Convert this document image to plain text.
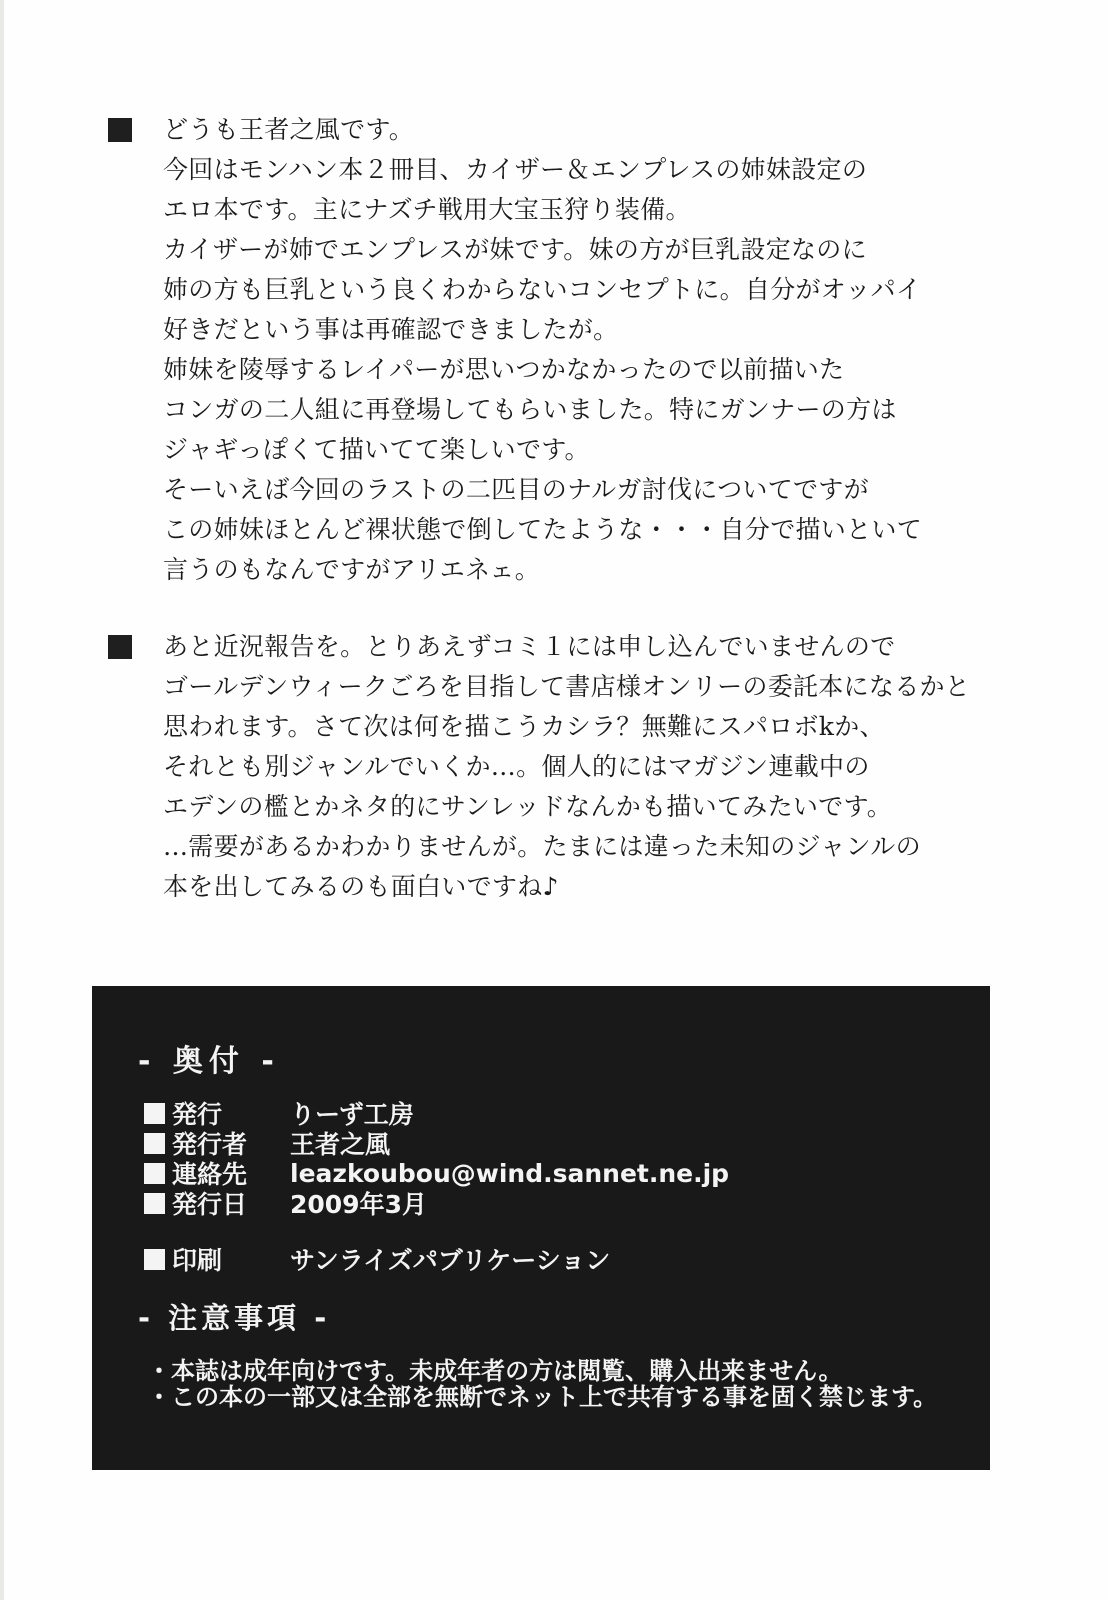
どうも王者之風です。
今回はモンハン本２冊目、カイザー＆エンプレスの姉妹設定の
エロ本です。主にナズチ戦用大宝玉狩り装備。
カイザーが姉でエンプレスが妹です。妹の方が巨乳設定なのに
姉の方も巨乳という良くわからないコンセプトに。自分がオッパイ
好きだという事は再確認できましたが。
姉妹を陵辱するレイパーが思いつかなかったので以前描いた
コンガの二人組に再登場してもらいました。特にガンナーの方は
ジャギっぽくて描いてて楽しいです。
そーいえば今回のラストの二匹目のナルガ討伐についてですが
この姉妹ほとんど裸状態で倒してたような・・・自分で描いといて
言うのもなんですがアリエネェ。
あと近況報告を。とりあえずコミ１には申し込んでいませんので
ゴールデンウィークごろを目指して書店様オンリーの委託本になるかと
思われます。さて次は何を描こうカシラ？無難にスパロボkか、
それとも別ジャンルでいくか…。個人的にはマガジン連載中の
エデンの檻とかネタ的にサンレッドなんかも描いてみたいです。
…需要があるかわかりませんが。たまには違った未知のジャンルの
本を出してみるのも面白いですね♪
- 奥付 -
発行	りーず工房
発行者	王者之風
連絡先	leazkoubou@wind.sannet.ne.jp
発行日	2009年3月
印刷	サンライズパブリケーション
- 注意事項 -
・本誌は成年向けです。未成年者の方は閲覧、購入出来ません。
・この本の一部又は全部を無断でネット上で共有する事を固く禁じます。
